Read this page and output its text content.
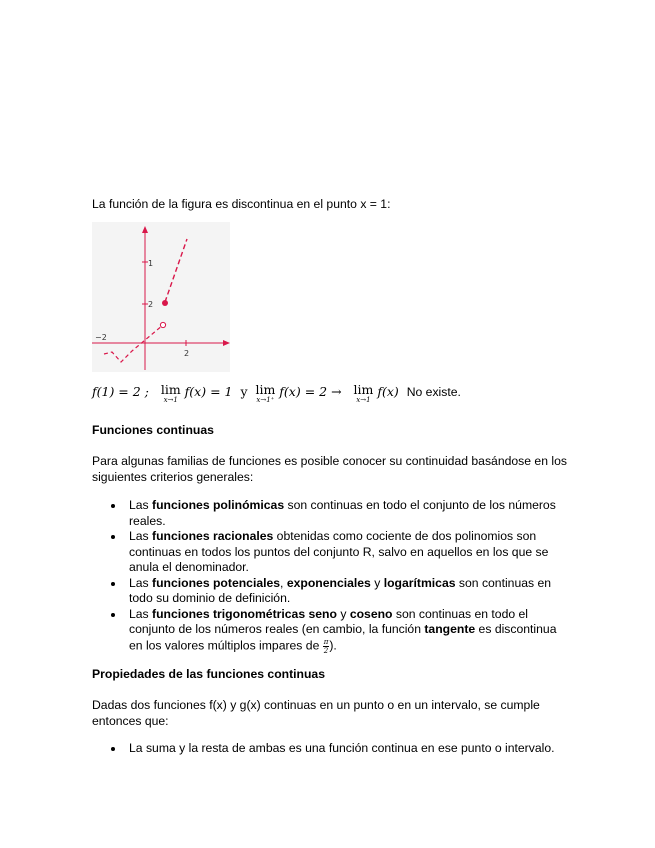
La función de la figura es discontinua en el punto x = 1:

1
2
−2
2
f(1) = 2 ; lim
x→1
f(x) = 1 y lim
x→1⁺
f(x) = 2 → lim
x→1
f(x) No existe.

Funciones continuas

Para algunas familias de funciones es posible conocer su continuidad basándose en los siguientes criterios generales:

Las funciones polinómicas son continuas en todo el conjunto de los números reales.
Las funciones racionales obtenidas como cociente de dos polinomios son continuas en todos los puntos del conjunto R, salvo en aquellos en los que se anula el denominador.
Las funciones potenciales, exponenciales y logarítmicas son continuas en todo su dominio de definición.
Las funciones trigonométricas seno y coseno son continuas en todo el conjunto de los números reales (en cambio, la función tangente es discontinua en los valores múltiplos impares de $\frac{\pi}{2}$ ).

Propiedades de las funciones continuas

Dadas dos funciones f(x) y g(x) continuas en un punto o en un intervalo, se cumple entonces que:

La suma y la resta de ambas es una función continua en ese punto o intervalo.
